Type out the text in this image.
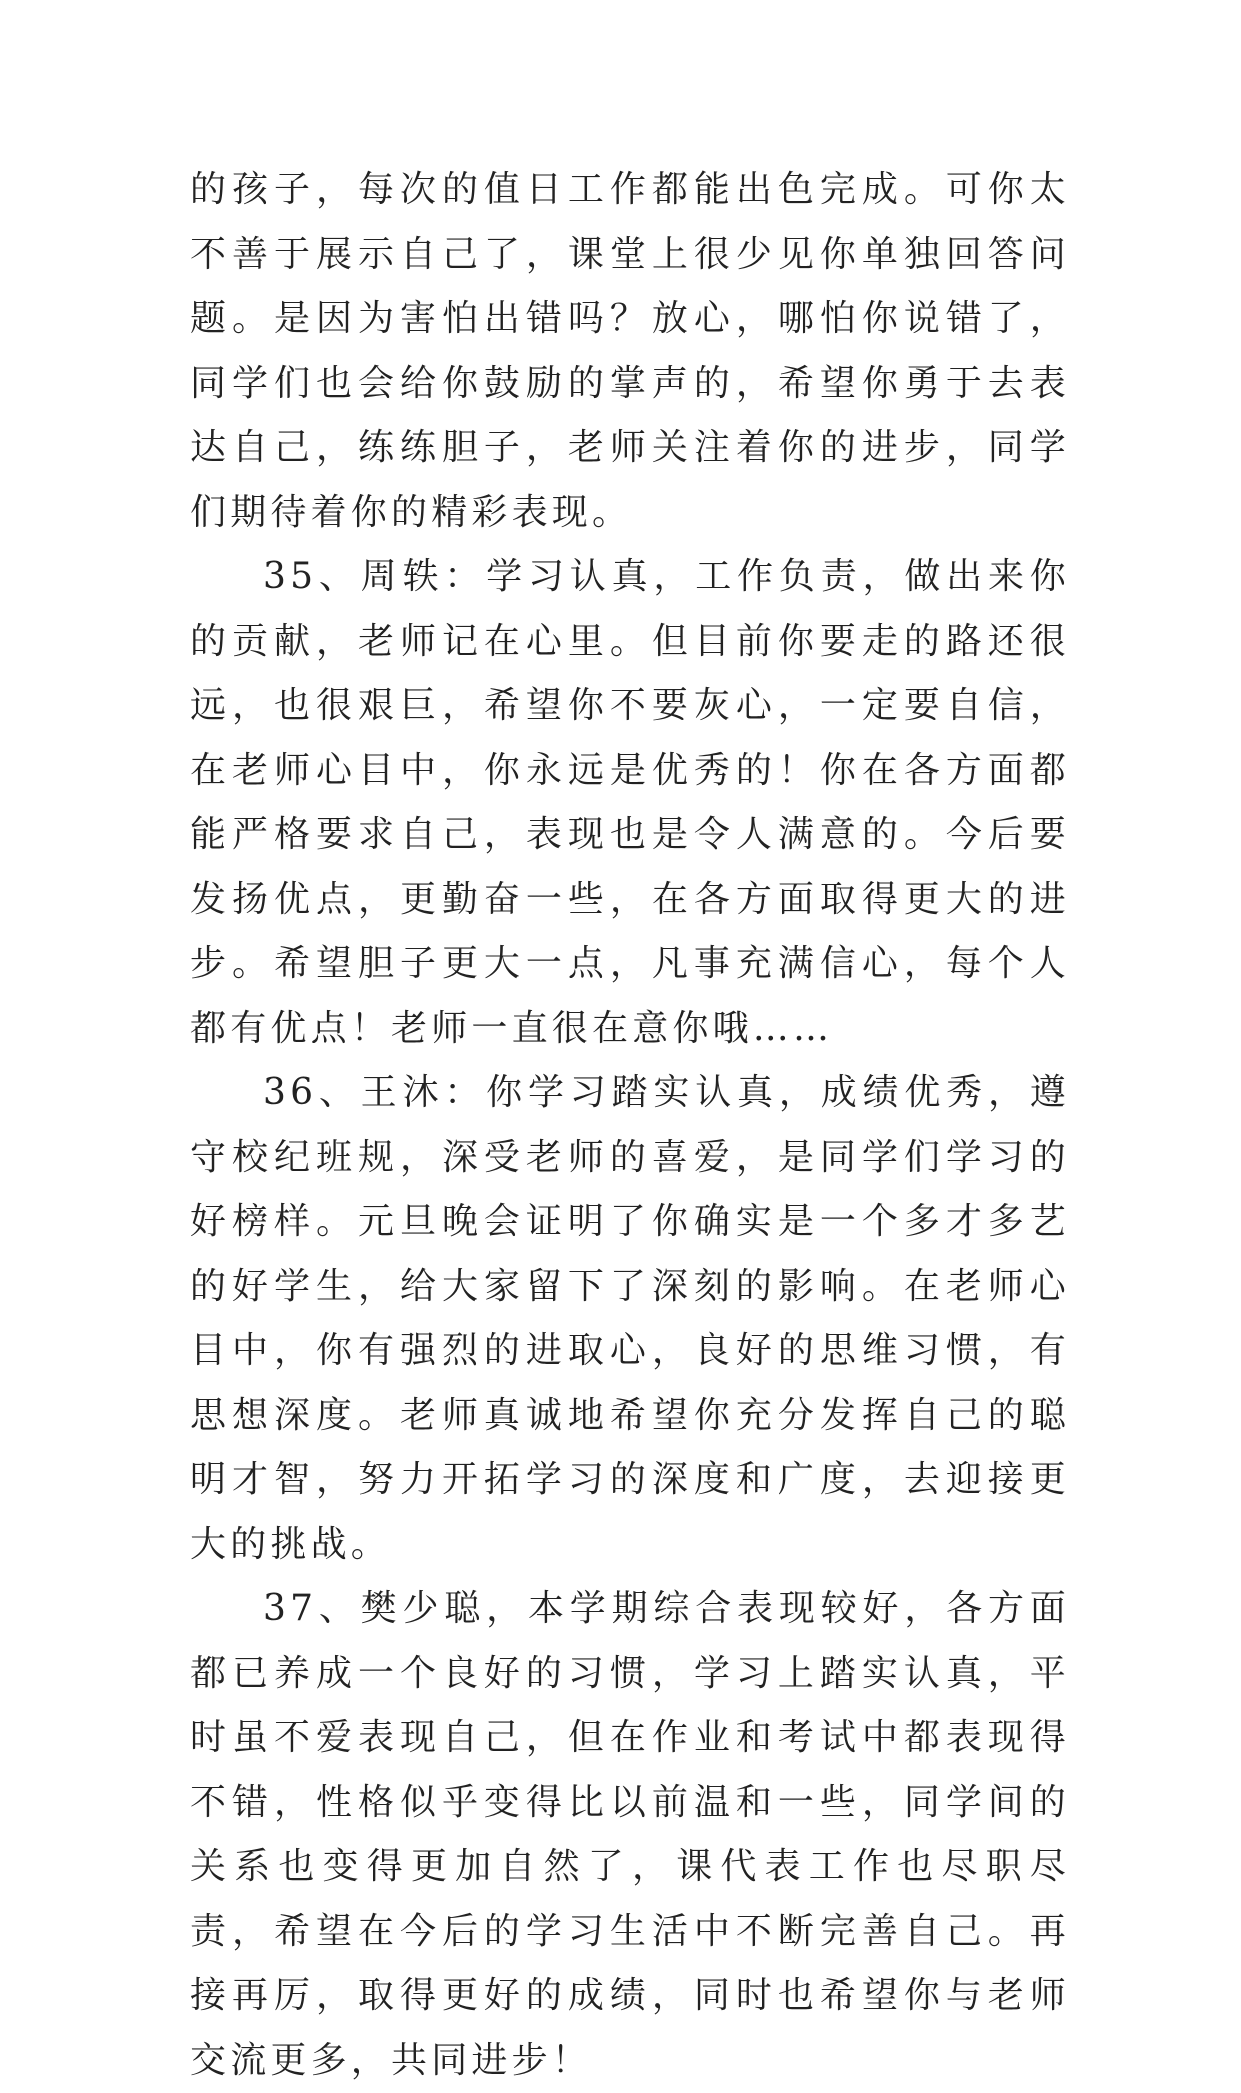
的孩子，每次的值日工作都能出色完成。可你太不善于展示自己了，课堂上很少见你单独回答问题。是因为害怕出错吗？放心，哪怕你说错了，同学们也会给你鼓励的掌声的，希望你勇于去表达自己，练练胆子，老师关注着你的进步，同学们期待着你的精彩表现。

35、周轶：学习认真，工作负责，做出来你的贡献，老师记在心里。但目前你要走的路还很远，也很艰巨，希望你不要灰心，一定要自信，在老师心目中，你永远是优秀的！你在各方面都能严格要求自己，表现也是令人满意的。今后要发扬优点，更勤奋一些，在各方面取得更大的进步。希望胆子更大一点，凡事充满信心，每个人都有优点！老师一直很在意你哦……

36、王沐：你学习踏实认真，成绩优秀，遵守校纪班规，深受老师的喜爱，是同学们学习的好榜样。元旦晚会证明了你确实是一个多才多艺的好学生，给大家留下了深刻的影响。在老师心目中，你有强烈的进取心，良好的思维习惯，有思想深度。老师真诚地希望你充分发挥自己的聪明才智，努力开拓学习的深度和广度，去迎接更大的挑战。

37、樊少聪，本学期综合表现较好，各方面都已养成一个良好的习惯，学习上踏实认真，平时虽不爱表现自己，但在作业和考试中都表现得不错，性格似乎变得比以前温和一些，同学间的关系也变得更加自然了，课代表工作也尽职尽责，希望在今后的学习生活中不断完善自己。再接再厉，取得更好的成绩，同时也希望你与老师交流更多，共同进步！
